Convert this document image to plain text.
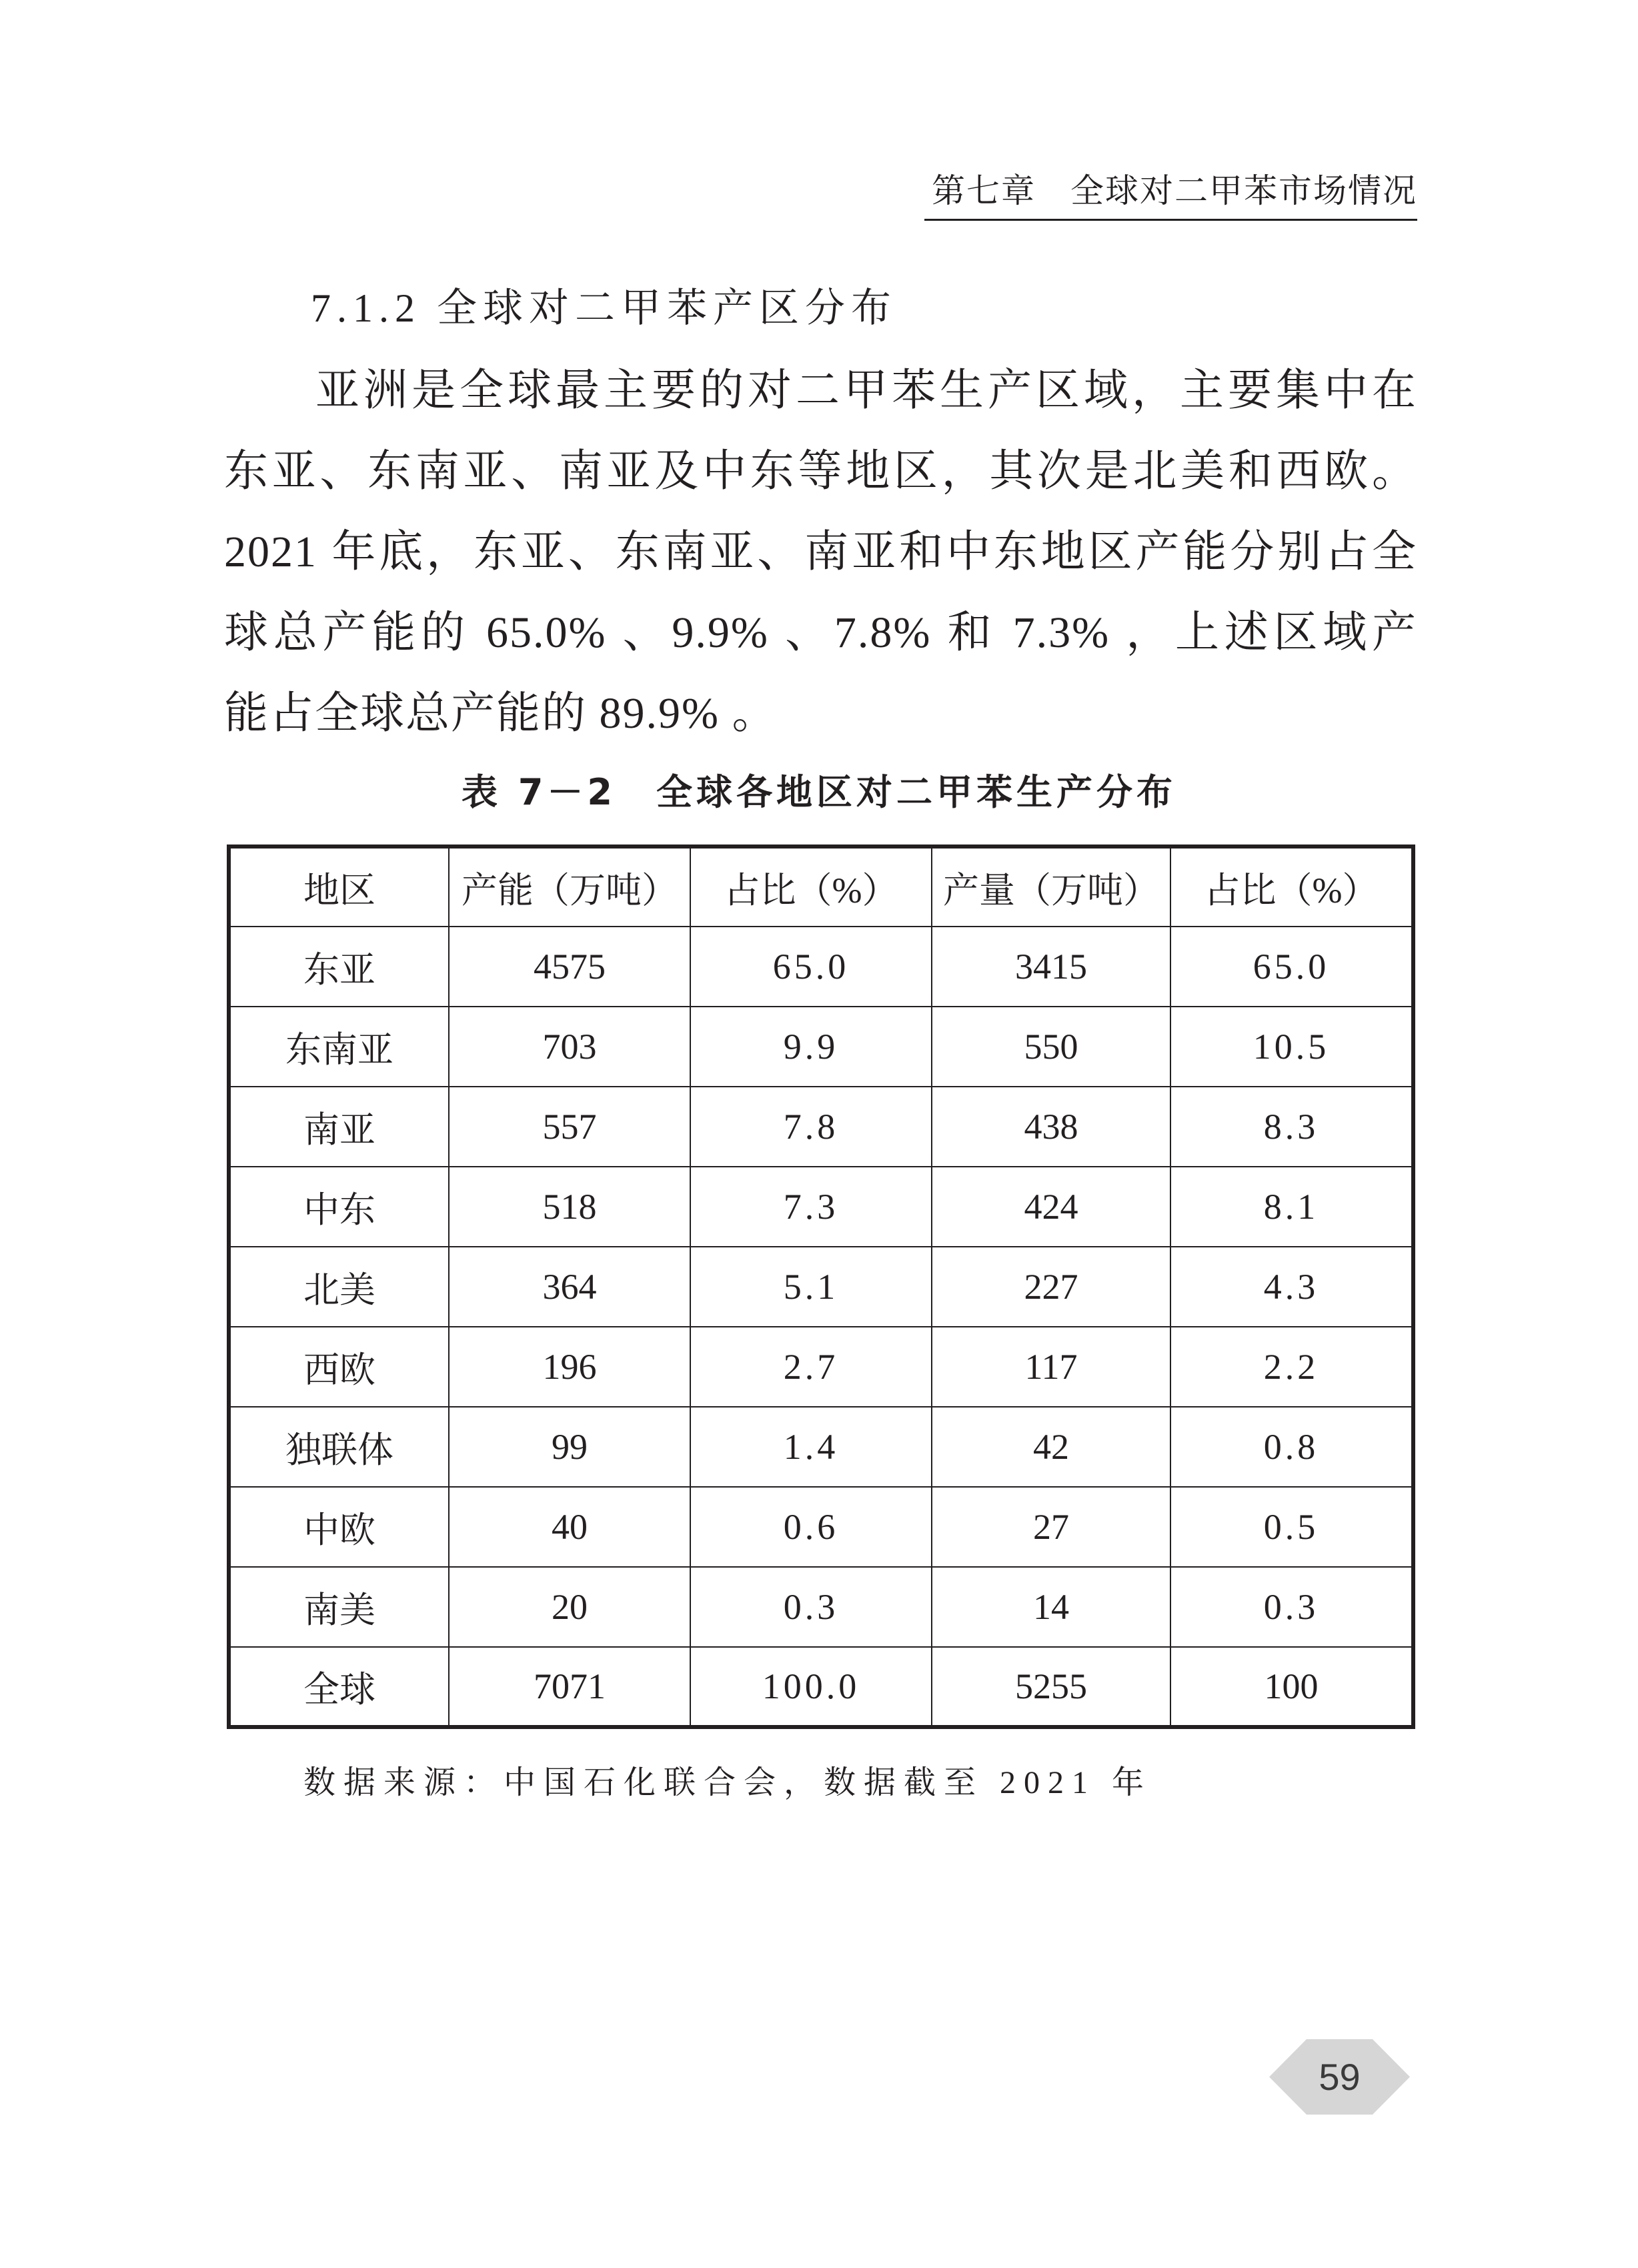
第七章　全球对二甲苯市场情况
7.1.2 全球对二甲苯产区分布
亚洲是全球最主要的对二甲苯生产区域，主要集中在
东亚、东南亚、南亚及中东等地区，其次是北美和西欧。
2021 年底，东亚、东南亚、南亚和中东地区产能分别占全
球总产能的 65.0% 、9.9% 、7.8% 和 7.3% ，上述区域产
能占全球总产能的 89.9% 。
表 7－2　全球各地区对二甲苯生产分布
地区	产能（万吨）	占比（%）	产量（万吨）	占比（%）
东亚	4575	65.0	3415	65.0
东南亚	703	9.9	550	10.5
南亚	557	7.8	438	8.3
中东	518	7.3	424	8.1
北美	364	5.1	227	4.3
西欧	196	2.7	117	2.2
独联体	99	1.4	42	0.8
中欧	40	0.6	27	0.5
南美	20	0.3	14	0.3
全球	7071	100.0	5255	100
数据来源：中国石化联合会，数据截至 2021 年
59
